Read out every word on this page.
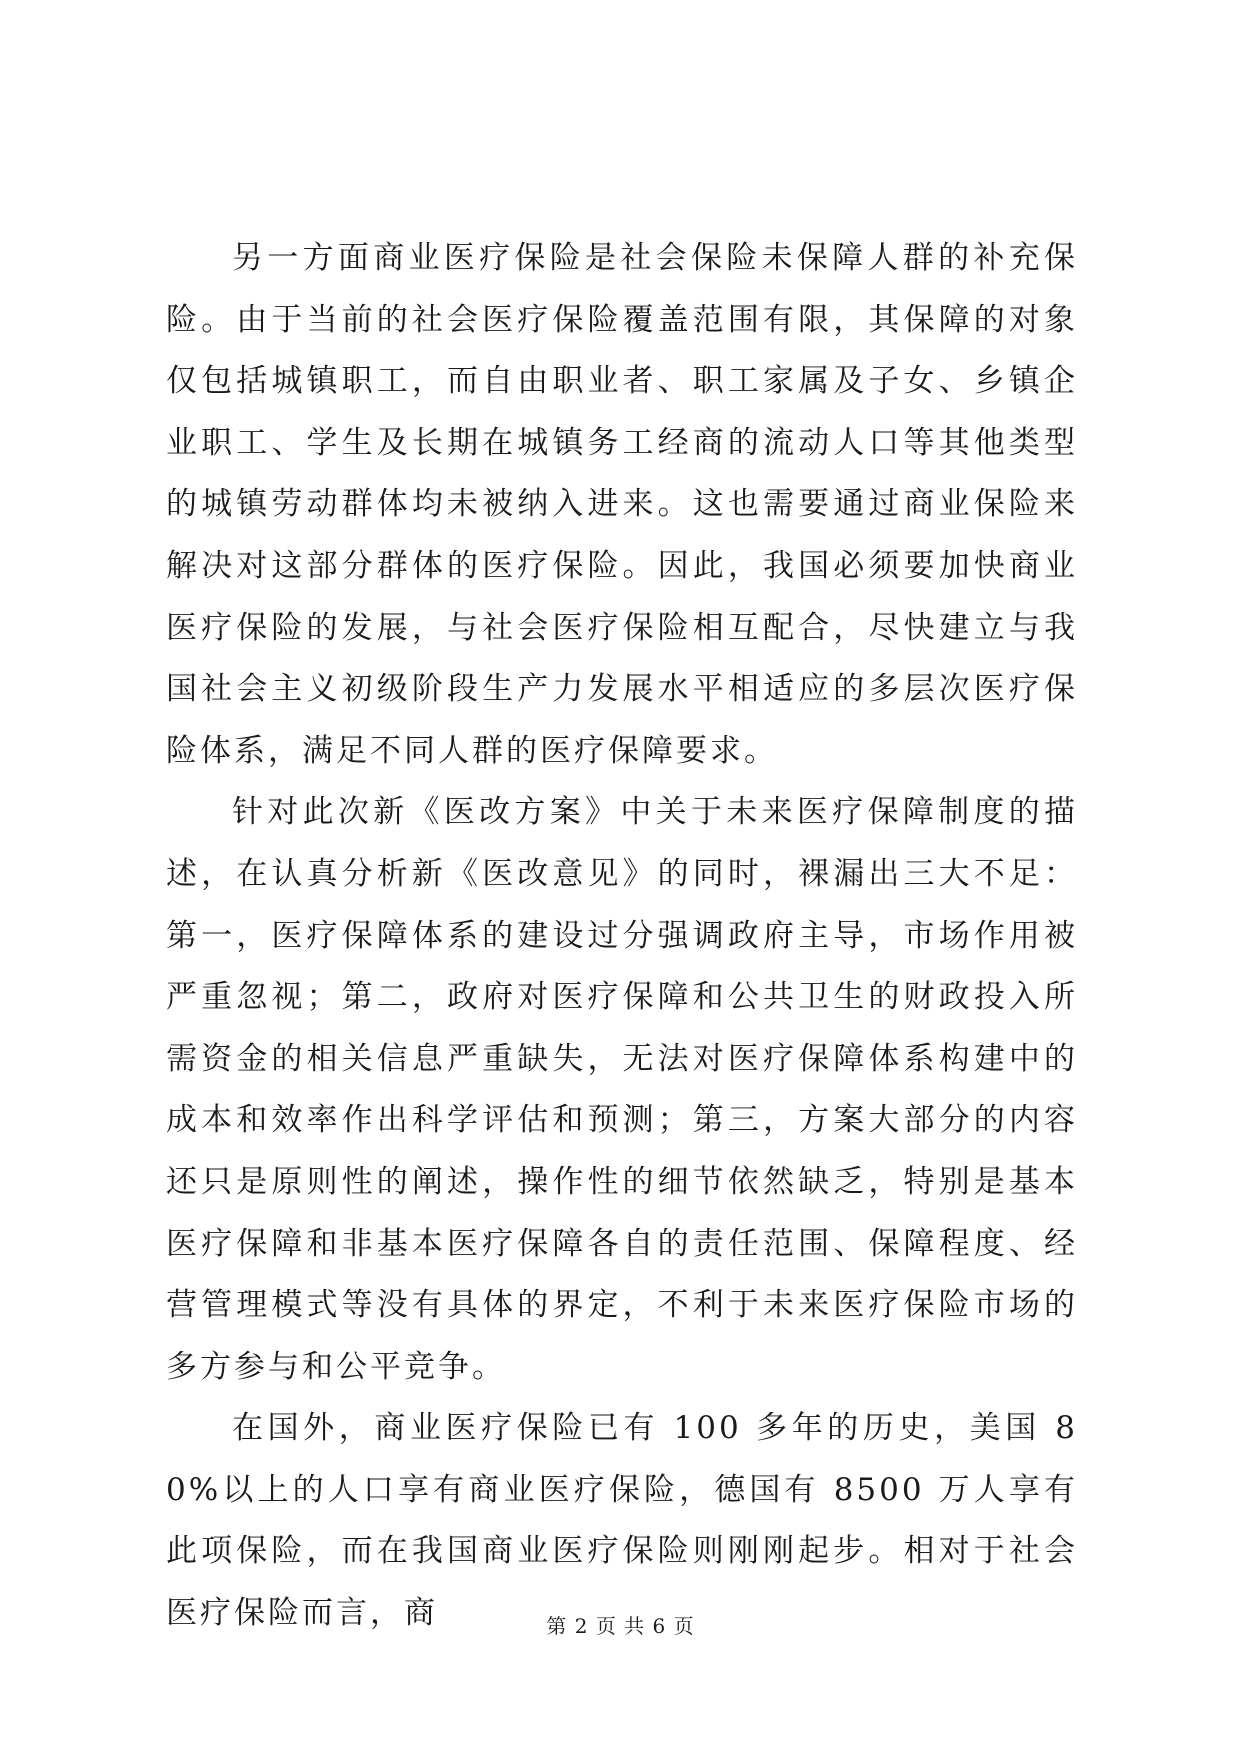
另一方面商业医疗保险是社会保险未保障人群的补充保险。由于当前的社会医疗保险覆盖范围有限，其保障的对象仅包括城镇职工，而自由职业者、职工家属及子女、乡镇企业职工、学生及长期在城镇务工经商的流动人口等其他类型的城镇劳动群体均未被纳入进来。这也需要通过商业保险来解决对这部分群体的医疗保险。因此，我国必须要加快商业医疗保险的发展，与社会医疗保险相互配合，尽快建立与我国社会主义初级阶段生产力发展水平相适应的多层次医疗保险体系，满足不同人群的医疗保障要求。

针对此次新《医改方案》中关于未来医疗保障制度的描述，在认真分析新《医改意见》的同时，裸漏出三大不足：第一，医疗保障体系的建设过分强调政府主导，市场作用被严重忽视；第二，政府对医疗保障和公共卫生的财政投入所需资金的相关信息严重缺失，无法对医疗保障体系构建中的成本和效率作出科学评估和预测；第三，方案大部分的内容还只是原则性的阐述，操作性的细节依然缺乏，特别是基本医疗保障和非基本医疗保障各自的责任范围、保障程度、经营管理模式等没有具体的界定，不利于未来医疗保险市场的多方参与和公平竞争。

在国外，商业医疗保险已有 100 多年的历史，美国 80%以上的人口享有商业医疗保险，德国有 8500 万人享有此项保险，而在我国商业医疗保险则刚刚起步。相对于社会医疗保险而言，商	第 2 页 共 6 页
